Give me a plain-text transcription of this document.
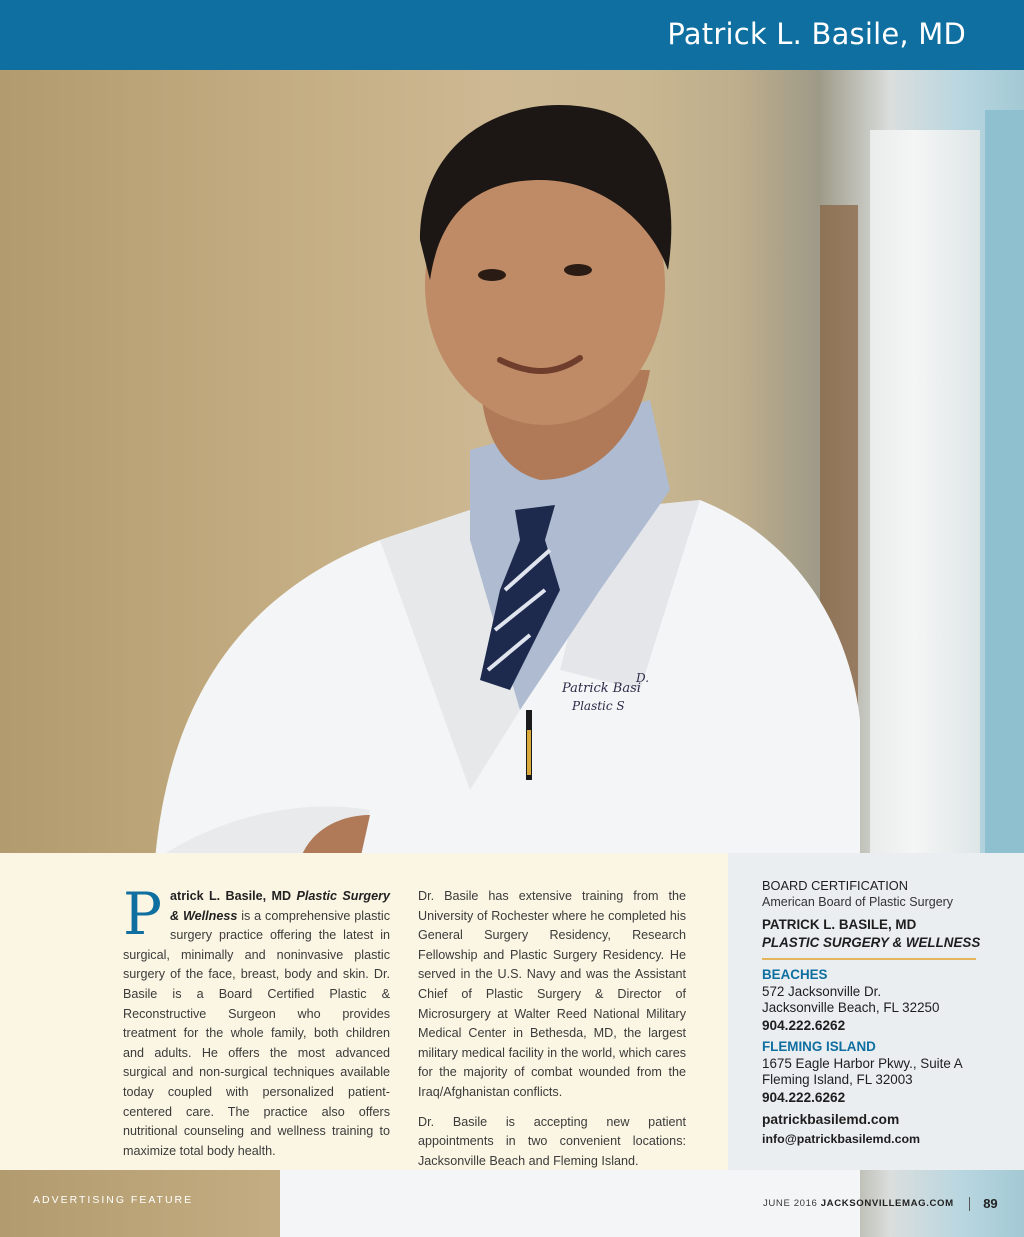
Patrick L. Basile, MD
Patrick Basi
Plastic S
D.
Patrick L. Basile, MD Plastic Surgery & Wellness is a comprehensive plastic surgery practice offering the latest in surgical, minimally and noninvasive plastic surgery of the face, breast, body and skin. Dr. Basile is a Board Certified Plastic & Reconstructive Surgeon who provides treatment for the whole family, both children and adults. He offers the most advanced surgical and non-surgical techniques available today coupled with personalized patient-centered care. The practice also offers nutritional counseling and wellness training to maximize total body health.
Dr. Basile has extensive training from the University of Rochester where he completed his General Surgery Residency, Research Fellowship and Plastic Surgery Residency. He served in the U.S. Navy and was the Assistant Chief of Plastic Surgery & Director of Microsurgery at Walter Reed National Military Medical Center in Bethesda, MD, the largest military medical facility in the world, which cares for the majority of combat wounded from the Iraq/Afghanistan conflicts.
Dr. Basile is accepting new patient appointments in two convenient locations: Jacksonville Beach and Fleming Island.
BOARD CERTIFICATION
American Board of Plastic Surgery
PATRICK L. BASILE, MD
PLASTIC SURGERY & WELLNESS
BEACHES
572 Jacksonville Dr.
Jacksonville Beach, FL 32250
904.222.6262
FLEMING ISLAND
1675 Eagle Harbor Pkwy., Suite A
Fleming Island, FL 32003
904.222.6262
patrickbasilemd.com
info@patrickbasilemd.com
ADVERTISING FEATURE	JUNE 2016 JACKSONVILLEMAG.COM 89
